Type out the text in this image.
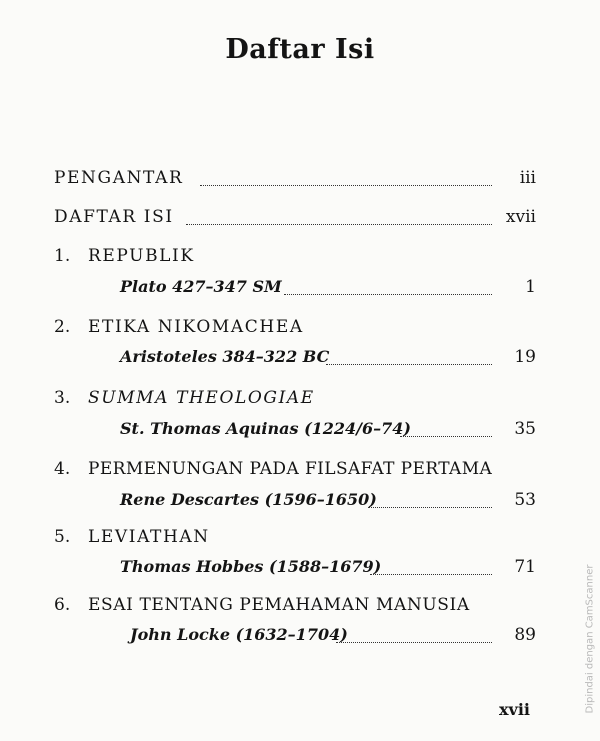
Daftar Isi
PENGANTAR	iii
DAFTAR ISI	xvii
1. REPUBLIK
Plato 427–347 SM	1
2. ETIKA NIKOMACHEA
Aristoteles 384–322 BC	19
3. SUMMA THEOLOGIAE
St. Thomas Aquinas (1224/6–74)	35
4. PERMENUNGAN PADA FILSAFAT PERTAMA
Rene Descartes (1596–1650)	53
5. LEVIATHAN
Thomas Hobbes (1588–1679)	71
6. ESAI TENTANG PEMAHAMAN MANUSIA
John Locke (1632–1704)	89
xvii	Dipindai dengan CamScanner
